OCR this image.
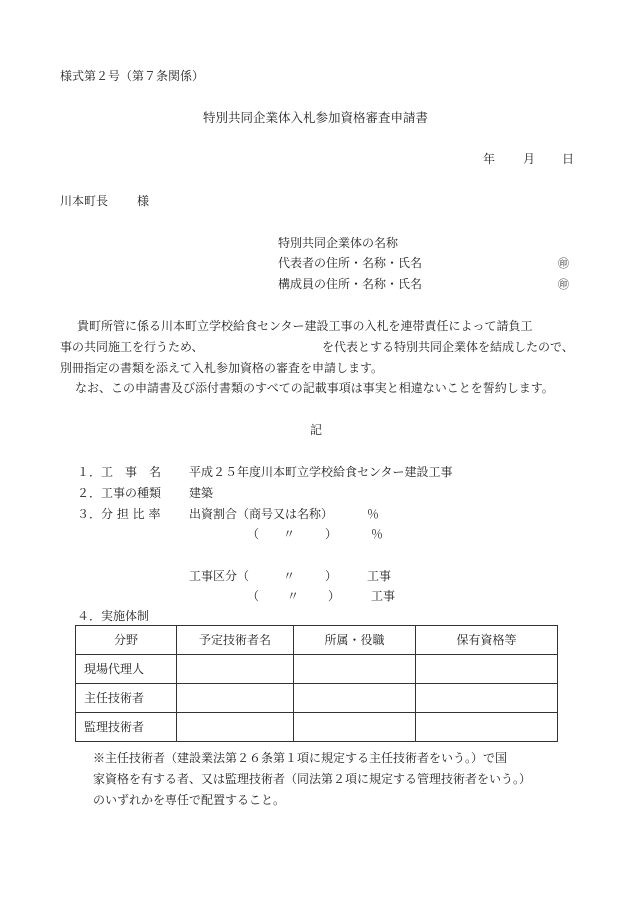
様式第２号（第７条関係）
特別共同企業体入札参加資格審査申請書
年 月 日
川本町長 様
特別共同企業体の名称
代表者の住所・名称・氏名	㊞
構成員の住所・名称・氏名	㊞
貴町所管に係る川本町立学校給食センター建設工事の入札を連帯責任によって請負工
事の共同施工を行うため、	を代表とする特別共同企業体を結成したので、
別冊指定の書類を添えて入札参加資格の審査を申請します。
なお、この申請書及び添付書類のすべての記載事項は事実と相違ないことを誓約します。
記
１．工　事　名 平成２５年度川本町立学校給食センター建設工事
２．工事の種類 建築
３．分 担 比 率 出資割合（商号又は名称）	％
（ 〃 ）	％
工事区分（	〃 ） 工事
（ 〃 ）	工事
４．実施体制
分野	予定技術者名	所属・役職	保有資格等
現場代理人			
主任技術者			
監理技術者			
※主任技術者（建設業法第２６条第１項に規定する主任技術者をいう。）で国
家資格を有する者、又は監理技術者（同法第２項に規定する管理技術者をいう。）
のいずれかを専任で配置すること。
